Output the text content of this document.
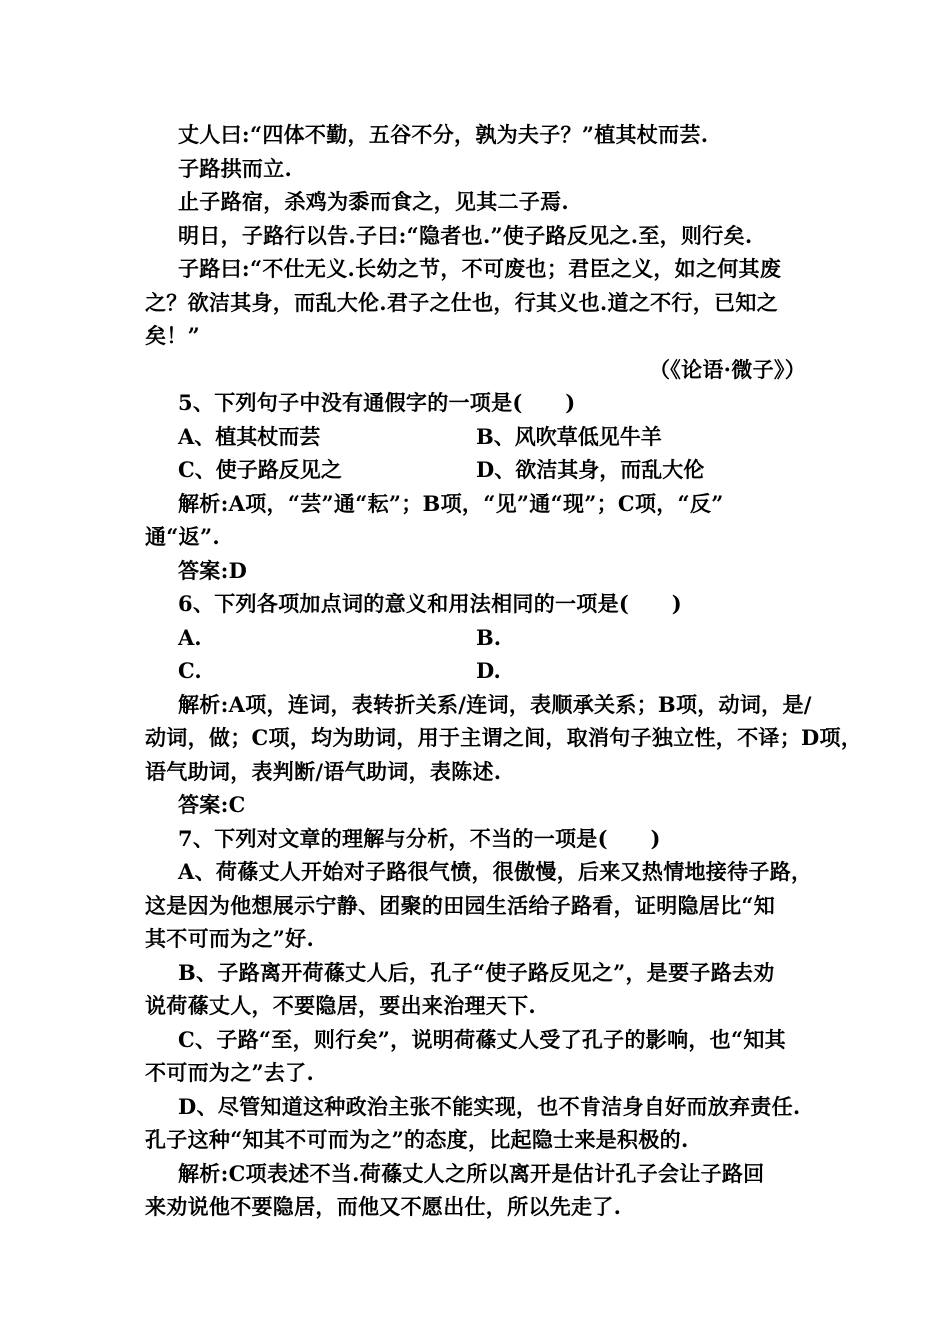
丈人曰:“四体不勤，五谷不分，孰为夫子？”植其杖而芸.
子路拱而立.
止子路宿，杀鸡为黍而食之，见其二子焉.
明日，子路行以告.子曰:“隐者也.”使子路反见之.至，则行矣.
子路曰:“不仕无义.长幼之节，不可废也；君臣之义，如之何其废
之？欲洁其身，而乱大伦.君子之仕也，行其义也.道之不行，已知之
矣！”
（《论语·微子》）
5、下列句子中没有通假字的一项是(　　)
A、植其杖而芸	B、风吹草低见牛羊
C、使子路反见之	D、欲洁其身，而乱大伦
解析:A项，“芸”通“耘”；B项，“见”通“现”；C项，“反”
通“返”.
答案:D
6、下列各项加点词的意义和用法相同的一项是(　　)
A.	B.
C.	D.
解析:A项，连词，表转折关系/连词，表顺承关系；B项，动词，是/
动词，做；C项，均为助词，用于主谓之间，取消句子独立性，不译；D项，
语气助词，表判断/语气助词，表陈述.
答案:C
7、下列对文章的理解与分析，不当的一项是(　　)
A、荷蓧丈人开始对子路很气愤，很傲慢，后来又热情地接待子路，
这是因为他想展示宁静、团聚的田园生活给子路看，证明隐居比“知
其不可而为之”好.
B、子路离开荷蓧丈人后，孔子“使子路反见之”，是要子路去劝
说荷蓧丈人，不要隐居，要出来治理天下.
C、子路“至，则行矣”，说明荷蓧丈人受了孔子的影响，也“知其
不可而为之”去了.
D、尽管知道这种政治主张不能实现，也不肯洁身自好而放弃责任.
孔子这种“知其不可而为之”的态度，比起隐士来是积极的.
解析:C项表述不当.荷蓧丈人之所以离开是估计孔子会让子路回
来劝说他不要隐居，而他又不愿出仕，所以先走了.
